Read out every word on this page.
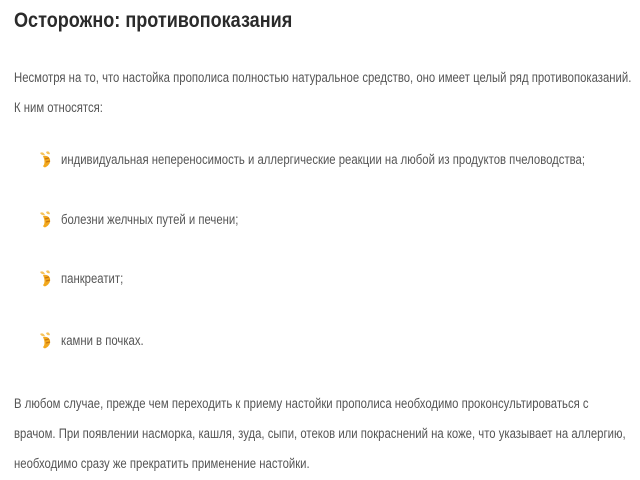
Осторожно: противопоказания

Несмотря на то, что настойка прополиса полностью натуральное средство, оно имеет целый ряд противопоказаний. К ним относятся:

индивидуальная непереносимость и аллергические реакции на любой из продуктов пчеловодства;
болезни желчных путей и печени;
панкреатит;
камни в почках.

В любом случае, прежде чем переходить к приему настойки прополиса необходимо проконсультироваться с врачом. При появлении насморка, кашля, зуда, сыпи, отеков или покраснений на коже, что указывает на аллергию, необходимо сразу же прекратить применение настойки.
